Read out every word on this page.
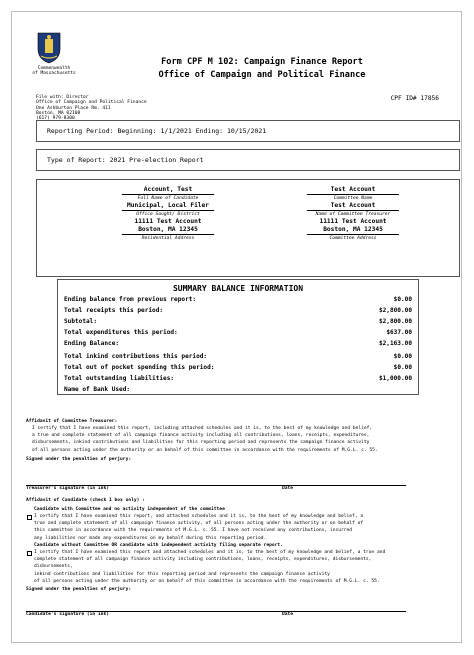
Commonwealth
of Massachusetts
Form CPF M 102: Campaign Finance Report
Office of Campaign and Political Finance
File with: Director
Office of Campaign and Political Finance
One Ashburton Place Rm. 411
Boston, MA 02108
(617) 979-8300
CPF ID# 17856
Reporting Period: Beginning: 1/1/2021 Ending: 10/15/2021
Type of Report: 2021 Pre-election Report
Account, Test
Full Name of Candidate
Municipal, Local Filer
Office Sought/ District
11111 Test Account
Boston, MA 12345
Residential Address
Test Account
Committee Name
Test Account
Name of Committee Treasurer
11111 Test Account
Boston, MA 12345
Committee Address
SUMMARY BALANCE INFORMATION
Ending balance from previous report:	$0.00
Total receipts this period:	$2,800.00
Subtotal:	$2,800.00
Total expenditures this period:	$637.00
Ending Balance:	$2,163.00
Total inkind contributions this period:	$0.00
Total out of pocket spending this period:	$0.00
Total outstanding liabilities:	$1,000.00
Name of Bank Used:
Affidavit of Committee Treasurer:
I certify that I have examined this report, including attached schedules and it is, to the best of my knowledge and belief,
a true and complete statement of all campaign finance activity including all contributions, loans, receipts, expenditures,
disbursements, inkind contributions and liabilities for this reporting period and represents the campaign finance activity
of all persons acting under the authority or on behalf of this committee in accordance with the requirements of M.G.L. c. 55.
Signed under the penalties of perjury:
Treasurer's signature (in ink)	Date
Affidavit of Candidate (check 1 box only) :
Candidate with Committee and no activity independent of the committee
I certify that I have examined this report, and attached schedules and it is, to the best of my knowledge and belief, a
true and complete statement of all campaign finance activity, of all persons acting under the authority or on behalf of
this committee in accordance with the requirements of M.G.L. c. 55. I have not received any contributions, incurred
any liabilities nor made any expenditures on my behalf during this reporting period.
Candidate without Committee OR candidate with independent activity filing separate report.
I certify that I have examined this report and attached schedules and it is, to the best of my knowledge and belief, a true and
complete statement of all campaign finance activity including contributions, loans, receipts, expenditures, disbursements,
disbursements,
inkind contributions and liabilities for this reporting period and represents the campaign finance activity
of all persons acting under the authority or on behalf of this committee in accordance with the requirements of M.G.L. c. 55.
Signed under the penalties of perjury:
Candidate's signature (in ink)	Date
